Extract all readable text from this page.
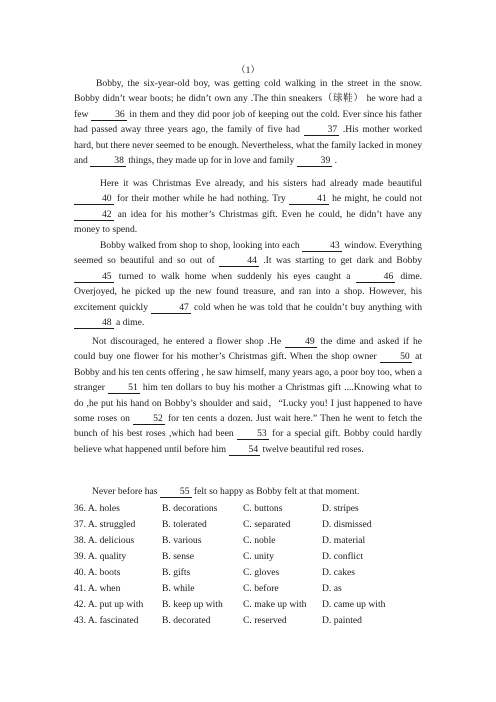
（1）
Bobby, the six-year-old boy, was getting cold walking in the street in the snow. Bobby didn’t wear boots; he didn’t own any .The thin sneakers（球鞋） he wore had a few	36 in them and they did poor job of keeping out the cold. Ever since his father had passed away three years ago, the family of five had	37 .His mother worked hard, but there never seemed to be enough. Nevertheless, what the family lacked in money and	38 things, they made up for in love and family	39 .
Here it was Christmas Eve already, and his sisters had already made beautiful 40 for their mother while he had nothing. Try	41 he might, he could not 42 an idea for his mother’s Christmas gift. Even he could, he didn’t have any money to spend.
Bobby walked from shop to shop, looking into each	43 window. Everything seemed so beautiful and so out of	44 .It was starting to get dark and Bobby 45 turned to walk home when suddenly his eyes caught a	46 dime. Overjoyed, he picked up the new found treasure, and ran into a shop. However, his excitement quickly	47 cold when he was told that he couldn’t buy anything with 48 a dime.
Not discouraged, he entered a flower shop .He 49 the dime and asked if he could buy one flower for his mother’s Christmas gift. When the shop owner 50 at Bobby and his ten cents offering , he saw himself, many years ago, a poor boy too, when a stranger 51 him ten dollars to buy his mother a Christmas gift ....Knowing what to do ,he put his hand on Bobby’s shoulder and said，“Lucky you! I just happened to have some roses on 52 for ten cents a dozen. Just wait here.” Then he went to fetch the bunch of his best roses ,which had been 53 for a special gift. Bobby could hardly believe what happened until before him 54 twelve beautiful red roses.
Never before has 55 felt so happy as Bobby felt at that moment.
36. A. holes	B. decorations	C. buttons	D. stripes
37. A. struggled	B. tolerated	C. separated	D. dismissed
38. A. delicious	B. various	C. noble	D. material
39. A. quality	B. sense	C. unity	D. conflict
40. A. boots	B. gifts	C. gloves	D. cakes
41. A. when	B. while	C. before	D. as
42. A. put up with B. keep up with C. make up with D. came up with
43. A. fascinated B. decorated	C. reserved	D. painted
